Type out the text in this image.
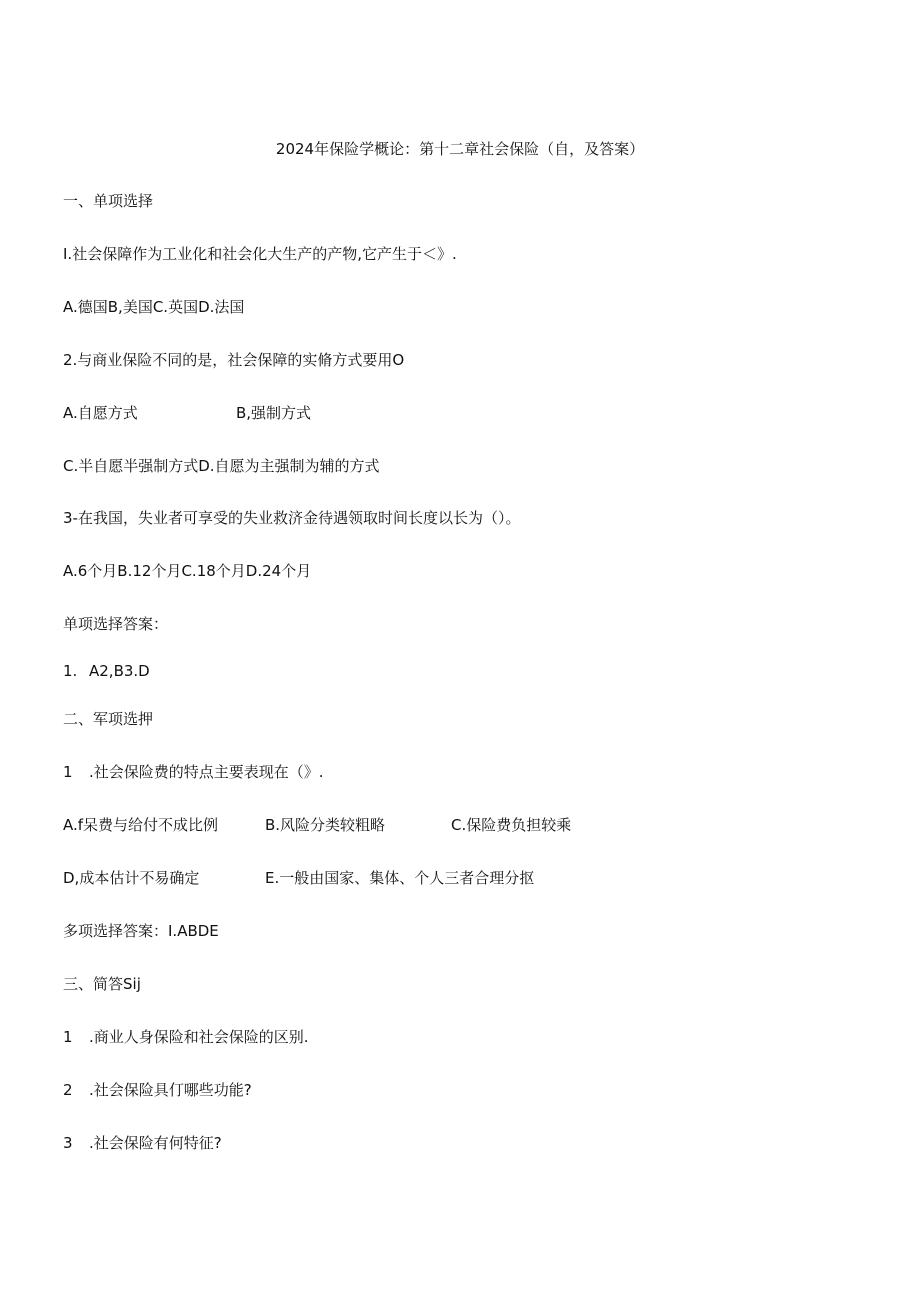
2024年保险学概论：第十二章社会保险（自，及答案）
一、单项选择
I.社会保障作为工业化和社会化大生产的产物,它产生于＜》.
A.德国B,美国C.英国D.法国
2.与商业保险不同的是，社会保障的实脩方式要用O
A.自愿方式	B,强制方式
C.半自愿半强制方式D.自愿为主强制为辅的方式
3-在我国，失业者可享受的失业救济金待遇领取时间长度以长为（）。
A.6个月B.12个月C.18个月D.24个月
单项选择答案：
1. A2,B3.D
二、军项选押
1 .社会保险费的特点主要表现在（》.
A.f呆费与给付不成比例	B.风险分类较粗略	C.保险费负担较乘
D,成本估计不易确定	E.一般由国家、集体、个人三者合理分抠
多项选择答案：I.ABDE
三、简答Sij
1 .商业人身保险和社会保险的区别.
2 .社会保险具仃哪些功能?
3 .社会保险有何特征?
